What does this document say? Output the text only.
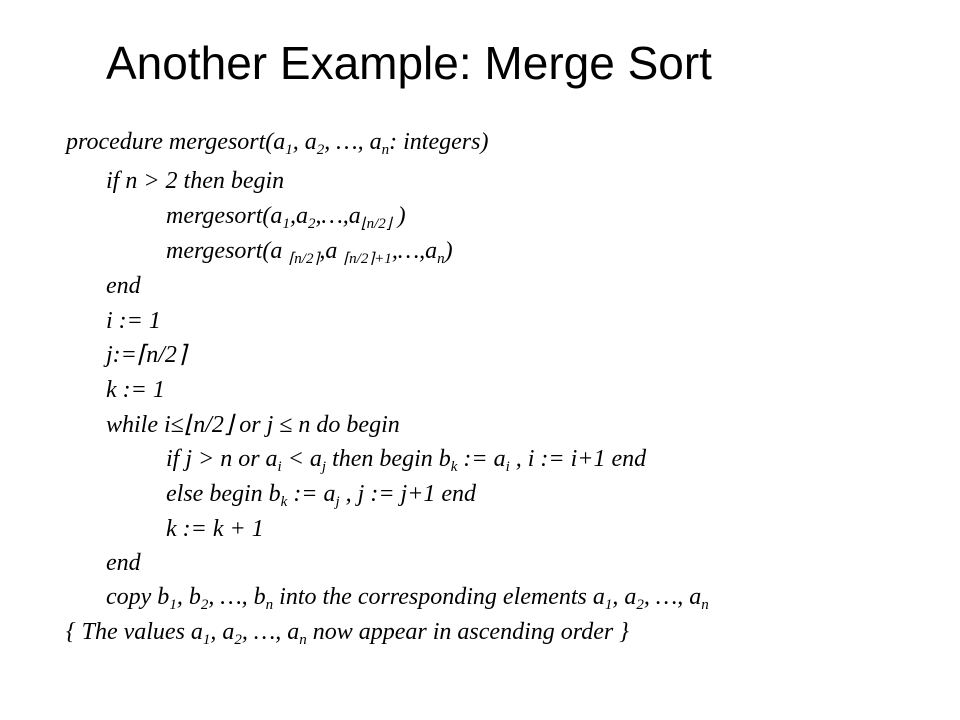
Another Example: Merge Sort
procedure $mergesort(a_1$, $a_2$, …, $a_n$: integers)
if n > 2 then begin
$mergesort(a_1,a_2,\dots,a_{⌊n/2⌋}$ )
mergesort(a $_{⌈n/2⌉}$,a $_{⌈n/2⌉+1},\dots,a_n$)
end
i := 1
j:=⌈n/2⌉
k := 1
while i≤⌊n/2⌋ or j ≤ n do begin
if j > n or $a_i < a_j$ then begin $b_k$ := $a_i$ , i := i+1 end
else begin $b_k$ := $a_j$ , j := j+1 end
k := k + 1
end
copy $b_1$, $b_2$, …, $b_n$ into the corresponding elements $a_1$, $a_2$, …, $a_n$
{ The values $a_1$, $a_2$, …, $a_n$ now appear in ascending order }
